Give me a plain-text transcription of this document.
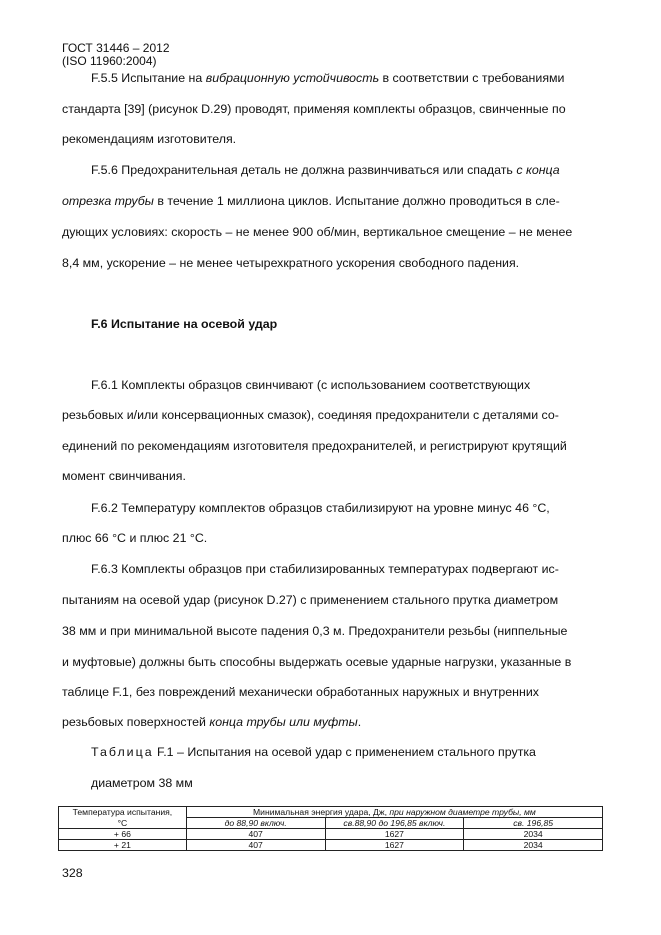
ГОСТ 31446 – 2012
(ISO 11960:2004)
F.5.5 Испытание на вибрационную устойчивость в соответствии с требованиями
стандарта [39] (рисунок D.29) проводят, применяя комплекты образцов, свинченные по
рекомендациям изготовителя.
F.5.6 Предохранительная деталь не должна развинчиваться или спадать с конца
отрезка трубы в течение 1 миллиона циклов. Испытание должно проводиться в сле-
дующих условиях: скорость – не менее 900 об/мин, вертикальное смещение – не менее
8,4 мм, ускорение – не менее четырехкратного ускорения свободного падения.
F.6 Испытание на осевой удар
F.6.1 Комплекты образцов свинчивают (с использованием соответствующих
резьбовых и/или консервационных смазок), соединяя предохранители с деталями со-
единений по рекомендациям изготовителя предохранителей, и регистрируют крутящий
момент свинчивания.
F.6.2 Температуру комплектов образцов стабилизируют на уровне минус 46 °С,
плюс 66 °С и плюс 21 °С.
F.6.3 Комплекты образцов при стабилизированных температурах подвергают ис-
пытаниям на осевой удар (рисунок D.27) с применением стального прутка диаметром
38 мм и при минимальной высоте падения 0,3 м. Предохранители резьбы (ниппельные
и муфтовые) должны быть способны выдержать осевые ударные нагрузки, указанные в
таблице F.1, без повреждений механически обработанных наружных и внутренних
резьбовых поверхностей конца трубы или муфты.
Таблица F.1 – Испытания на осевой удар с применением стального прутка
диаметром 38 мм
Температура испытания,	Минимальная энергия удара, Дж, при наружном диаметре трубы, мм		
°С	до 88,90 включ.	св.88,90 до 196,85 включ.	св. 196,85
+ 66	407	1627	2034
+ 21	407	1627	2034
328
